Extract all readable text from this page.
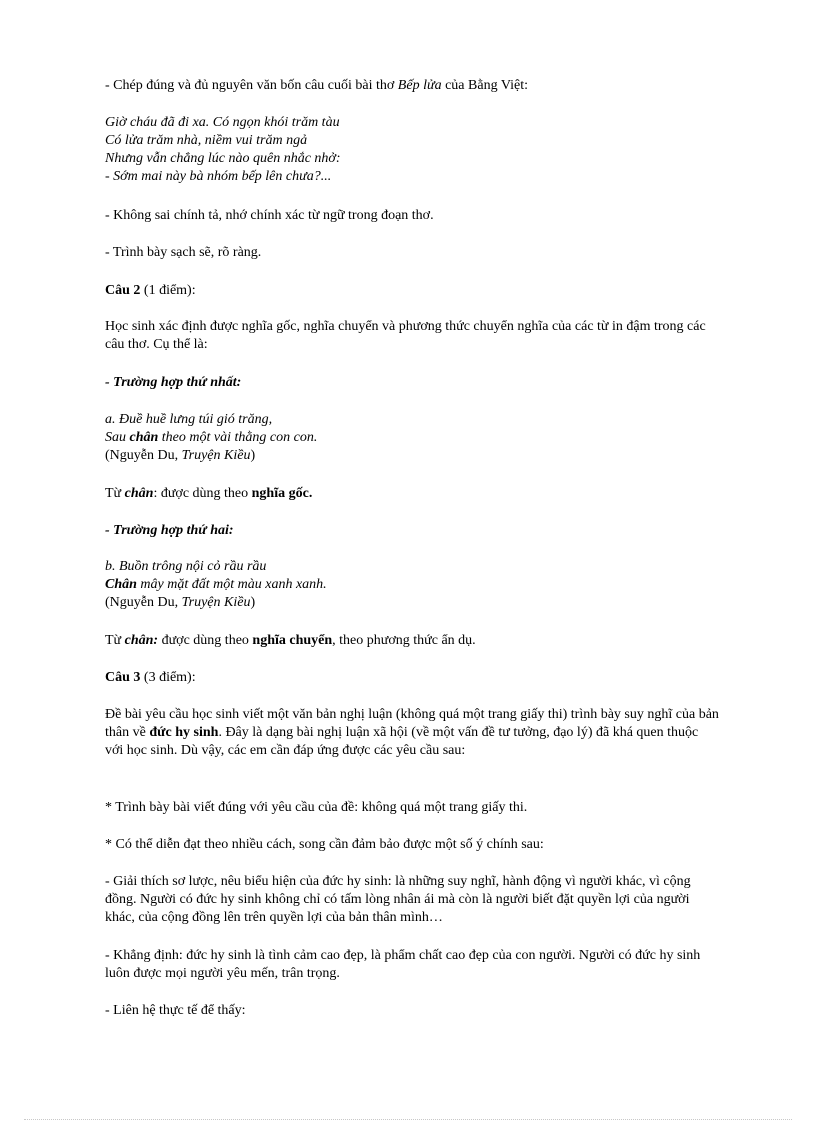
- Chép đúng và đủ nguyên văn bốn câu cuối bài thơ Bếp lửa của Bằng Việt:

Giờ cháu đã đi xa. Có ngọn khói trăm tàu
Có lửa trăm nhà, niềm vui trăm ngả
Nhưng vẫn chẳng lúc nào quên nhắc nhở:
- Sớm mai này bà nhóm bếp lên chưa?...

- Không sai chính tả, nhớ chính xác từ ngữ trong đoạn thơ.

- Trình bày sạch sẽ, rõ ràng.

Câu 2 (1 điểm):

Học sinh xác định được nghĩa gốc, nghĩa chuyển và phương thức chuyển nghĩa của các từ in đậm trong các câu thơ. Cụ thể là:

- Trường hợp thứ nhất:

a. Đuề huề lưng túi gió trăng,
Sau chân theo một vài thằng con con.
(Nguyễn Du, Truyện Kiều)

Từ chân: được dùng theo nghĩa gốc.

- Trường hợp thứ hai:

b. Buồn trông nội cỏ rầu rầu
Chân mây mặt đất một màu xanh xanh.
(Nguyễn Du, Truyện Kiều)

Từ chân: được dùng theo nghĩa chuyển, theo phương thức ẩn dụ.

Câu 3 (3 điểm):

Đề bài yêu cầu học sinh viết một văn bản nghị luận (không quá một trang giấy thi) trình bày suy nghĩ của bản thân về đức hy sinh. Đây là dạng bài nghị luận xã hội (về một vấn đề tư tưởng, đạo lý) đã khá quen thuộc với học sinh. Dù vậy, các em cần đáp ứng được các yêu cầu sau:

* Trình bày bài viết đúng với yêu cầu của đề: không quá một trang giấy thi.

* Có thể diễn đạt theo nhiều cách, song cần đảm bảo được một số ý chính sau:

- Giải thích sơ lược, nêu biểu hiện của đức hy sinh: là những suy nghĩ, hành động vì người khác, vì cộng đồng. Người có đức hy sinh không chỉ có tấm lòng nhân ái mà còn là người biết đặt quyền lợi của người khác, của cộng đồng lên trên quyền lợi của bản thân mình…

- Khẳng định: đức hy sinh là tình cảm cao đẹp, là phẩm chất cao đẹp của con người. Người có đức hy sinh luôn được mọi người yêu mến, trân trọng.

- Liên hệ thực tế để thấy:
